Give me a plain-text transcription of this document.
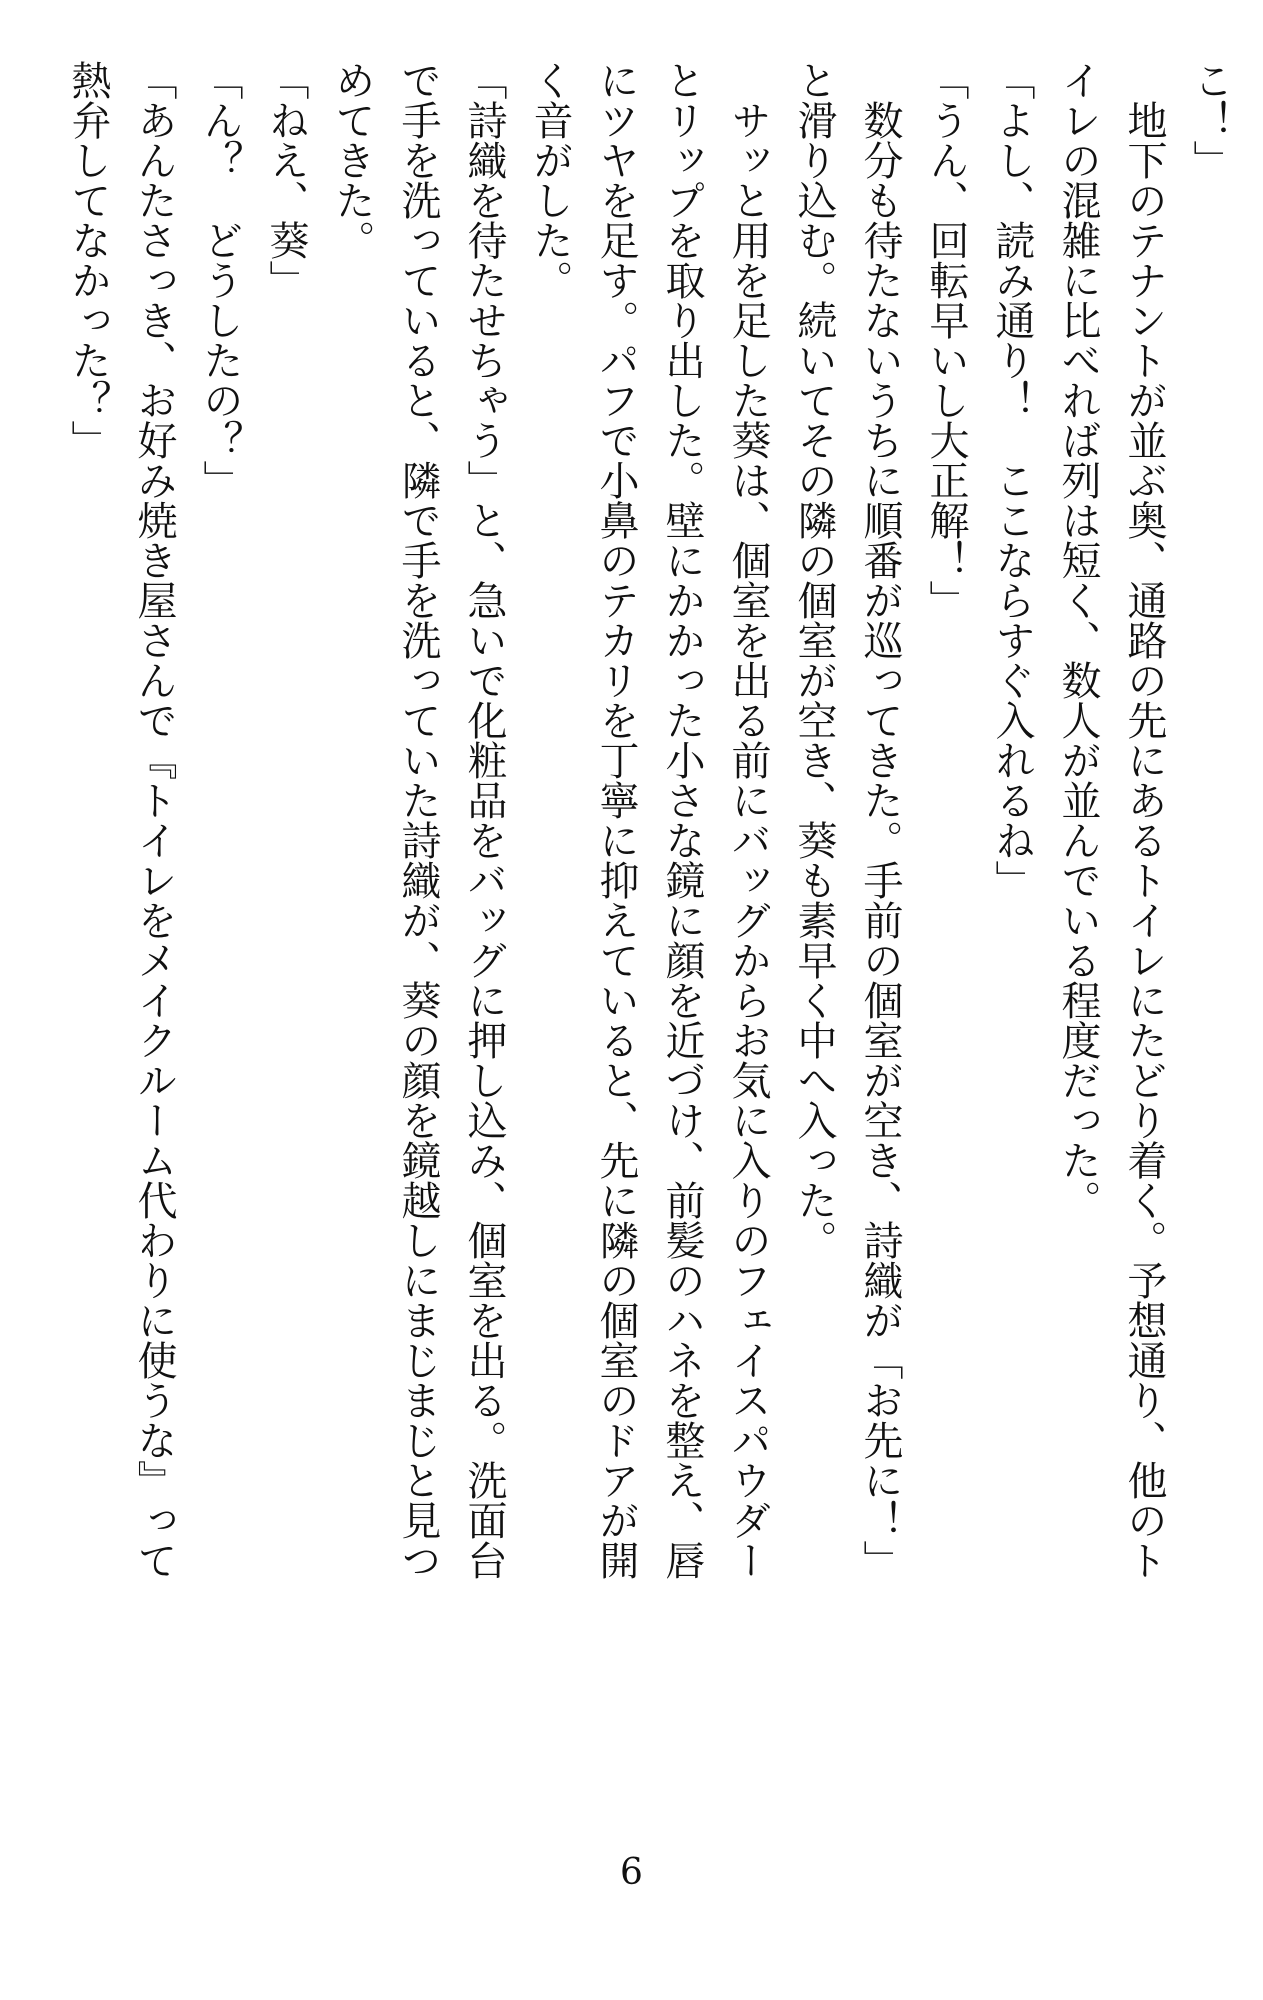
こ！」
　地下のテナントが並ぶ奥、通路の先にあるトイレにたどり着く。予想通り、他のト
イレの混雑に比べれば列は短く、数人が並んでいる程度だった。
「よし、読み通り！　ここならすぐ入れるね」
「うん、回転早いし大正解！」
　数分も待たないうちに順番が巡ってきた。手前の個室が空き、詩織が「お先に！」
と滑り込む。続いてその隣の個室が空き、葵も素早く中へ入った。
　サッと用を足した葵は、個室を出る前にバッグからお気に入りのフェイスパウダー
とリップを取り出した。壁にかかった小さな鏡に顔を近づけ、前髪のハネを整え、唇
にツヤを足す。パフで小鼻のテカリを丁寧に抑えていると、先に隣の個室のドアが開
く音がした。
「詩織を待たせちゃう」と、急いで化粧品をバッグに押し込み、個室を出る。洗面台
で手を洗っていると、隣で手を洗っていた詩織が、葵の顔を鏡越しにまじまじと見つ
めてきた。
「ねえ、葵」
「ん？　どうしたの？」
「あんたさっき、お好み焼き屋さんで『トイレをメイクルーム代わりに使うな』って
熱弁してなかった？」
6
